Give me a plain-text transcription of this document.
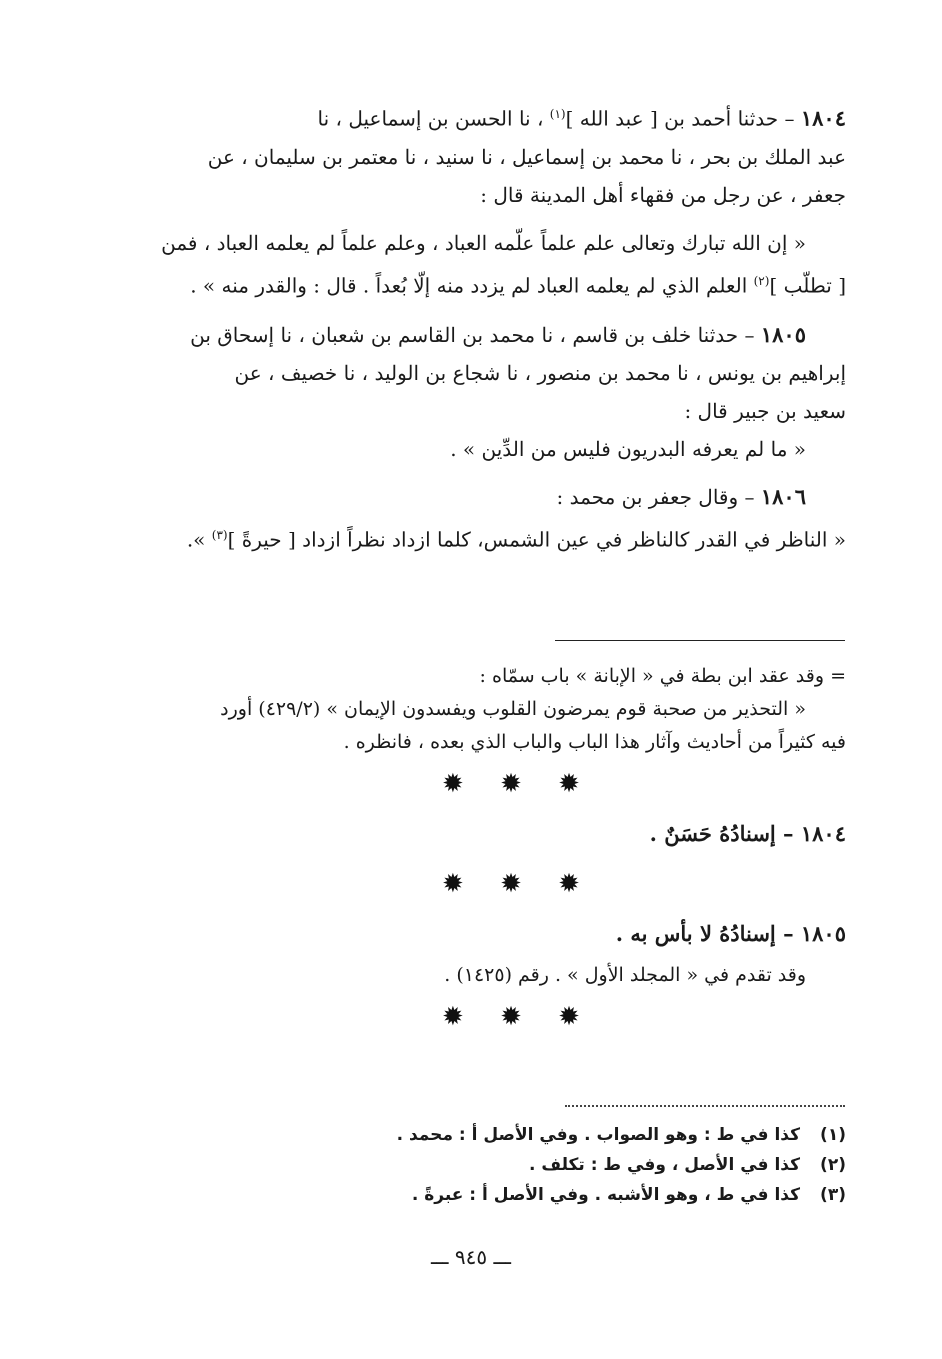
١٨٠٤ – حدثنا أحمد بن [ عبد الله ]$^{(١)}$ ، نا الحسن بن إسماعيل ، نا
عبد الملك بن بحر ، نا محمد بن إسماعيل ، نا سنيد ، نا معتمر بن سليمان ، عن
جعفر ، عن رجل من فقهاء أهل المدينة قال :
« إن الله تبارك وتعالى علم علماً علّمه العباد ، وعلم علماً لم يعلمه العباد ، فمن
[ تطلّب ]$^{(٢)}$ العلم الذي لم يعلمه العباد لم يزدد منه إلّا بُعداً . قال : والقدر منه » .
١٨٠٥ – حدثنا خلف بن قاسم ، نا محمد بن القاسم بن شعبان ، نا إسحاق بن
إبراهيم بن يونس ، نا محمد بن منصور ، نا شجاع بن الوليد ، نا خصيف ، عن
سعيد بن جبير قال :
« ما لم يعرفه البدريون فليس من الدِّين » .
١٨٠٦ – وقال جعفر بن محمد :
« الناظر في القدر كالناظر في عين الشمس، كلما ازداد نظراً ازداد [ حيرةً ]$^{(٣)}$ ».
= وقد عقد ابن بطة في « الإبانة » باب سمّاه :
« التحذير من صحبة قوم يمرضون القلوب ويفسدون الإيمان » (٤٢٩/٢) أورد
فيه كثيراً من أحاديث وآثار هذا الباب والباب الذي بعده ، فانظره .
✹ ✹ ✹
١٨٠٤ – إسنادُهُ حَسَنٌ .
✹ ✹ ✹
١٨٠٥ – إسنادُهُ لا بأس به .
وقد تقدم في « المجلد الأول » . رقم (١٤٢٥) .
✹ ✹ ✹
(١)كذا في ط : وهو الصواب . وفي الأصل أ : محمد .
(٢)كذا في الأصل ، وفي ط : تكلف .
(٣)كذا في ط ، وهو الأشبه . وفي الأصل أ : عبرةً .
ـــ ٩٤٥ ـــ
